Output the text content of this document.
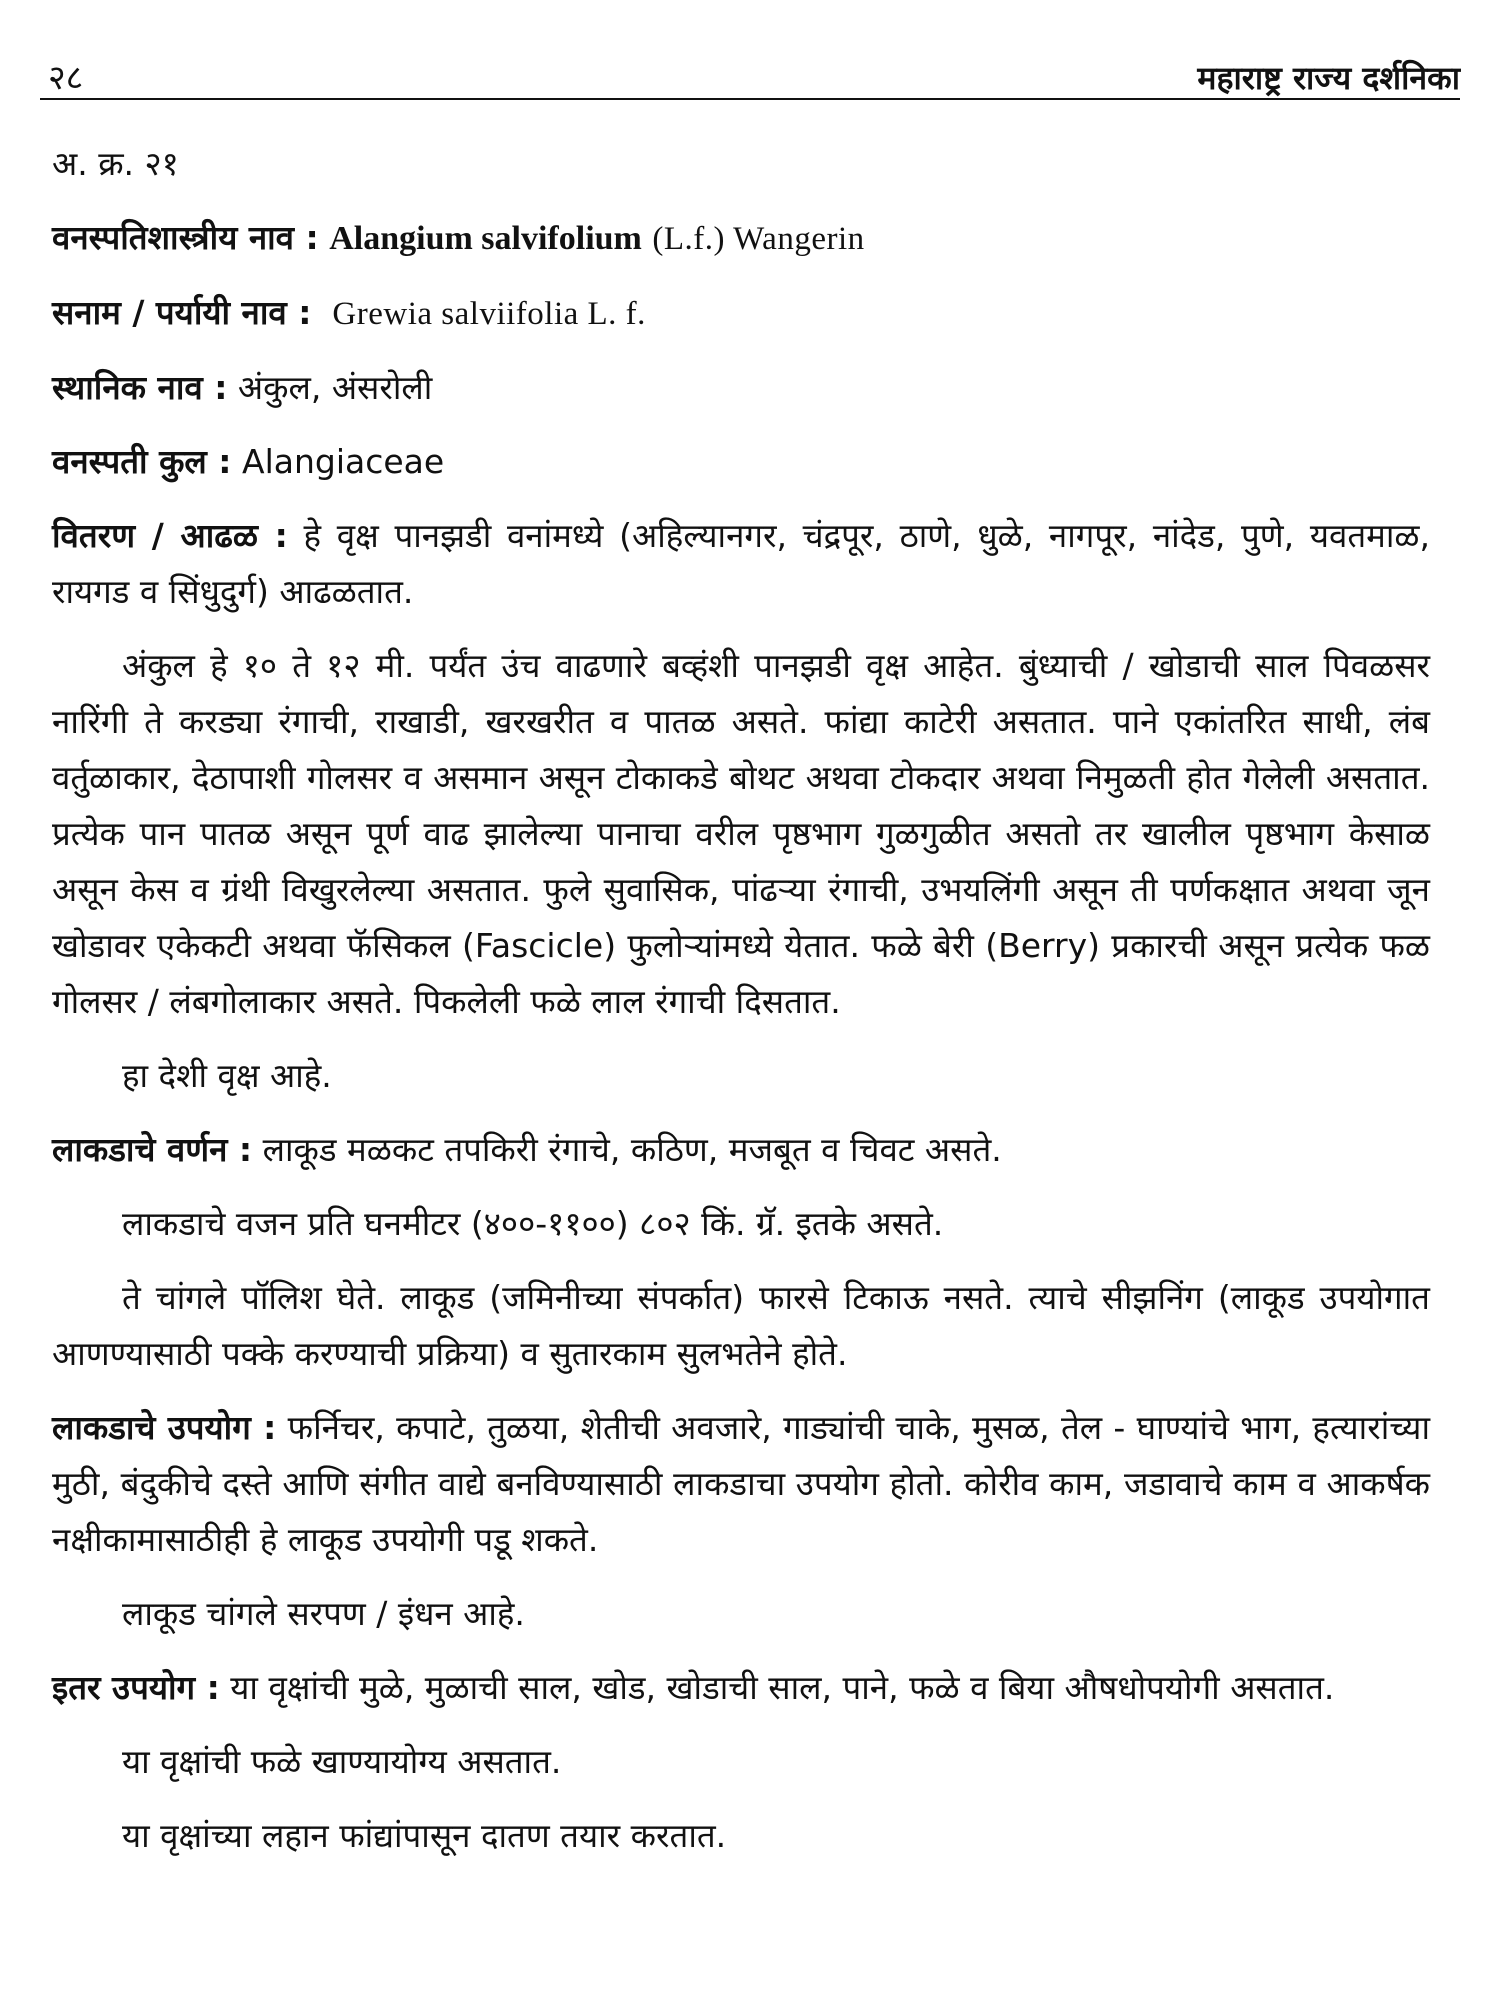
२८	महाराष्ट्र राज्य दर्शनिका

अ. क्र. २१

वनस्पतिशास्त्रीय नाव : Alangium salvifolium (L.f.) Wangerin

सनाम / पर्यायी नाव : Grewia salviifolia L. f.

स्थानिक नाव : अंकुल, अंसरोली

वनस्पती कुल : Alangiaceae

वितरण / आढळ : हे वृक्ष पानझडी वनांमध्ये (अहिल्यानगर, चंद्रपूर, ठाणे, धुळे, नागपूर, नांदेड, पुणे, यवतमाळ, रायगड व सिंधुदुर्ग) आढळतात.

अंकुल हे १० ते १२ मी. पर्यंत उंच वाढणारे बव्हंशी पानझडी वृक्ष आहेत. बुंध्याची / खोडाची साल पिवळसर नारिंगी ते करड्या रंगाची, राखाडी, खरखरीत व पातळ असते. फांद्या काटेरी असतात. पाने एकांतरित साधी, लंब वर्तुळाकार, देठापाशी गोलसर व असमान असून टोकाकडे बोथट अथवा टोकदार अथवा निमुळती होत गेलेली असतात. प्रत्येक पान पातळ असून पूर्ण वाढ झालेल्या पानाचा वरील पृष्ठभाग गुळगुळीत असतो तर खालील पृष्ठभाग केसाळ असून केस व ग्रंथी विखुरलेल्या असतात. फुले सुवासिक, पांढऱ्या रंगाची, उभयलिंगी असून ती पर्णकक्षात अथवा जून खोडावर एकेकटी अथवा फॅसिकल (Fascicle) फुलोऱ्यांमध्ये येतात. फळे बेरी (Berry) प्रकारची असून प्रत्येक फळ गोलसर / लंबगोलाकार असते. पिकलेली फळे लाल रंगाची दिसतात.

हा देशी वृक्ष आहे.

लाकडाचे वर्णन : लाकूड मळकट तपकिरी रंगाचे, कठिण, मजबूत व चिवट असते.

लाकडाचे वजन प्रति घनमीटर (४००-११००) ८०२ किं. ग्रॅ. इतके असते.

ते चांगले पॉलिश घेते. लाकूड (जमिनीच्या संपर्कात) फारसे टिकाऊ नसते. त्याचे सीझनिंग (लाकूड उपयोगात आणण्यासाठी पक्के करण्याची प्रक्रिया) व सुतारकाम सुलभतेने होते.

लाकडाचे उपयोग : फर्निचर, कपाटे, तुळया, शेतीची अवजारे, गाड्यांची चाके, मुसळ, तेल - घाण्यांचे भाग, हत्यारांच्या मुठी, बंदुकीचे दस्ते आणि संगीत वाद्ये बनविण्यासाठी लाकडाचा उपयोग होतो. कोरीव काम, जडावाचे काम व आकर्षक नक्षीकामासाठीही हे लाकूड उपयोगी पडू शकते.

लाकूड चांगले सरपण / इंधन आहे.

इतर उपयोग : या वृक्षांची मुळे, मुळाची साल, खोड, खोडाची साल, पाने, फळे व बिया औषधोपयोगी असतात.

या वृक्षांची फळे खाण्यायोग्य असतात.

या वृक्षांच्या लहान फांद्यांपासून दातण तयार करतात.
